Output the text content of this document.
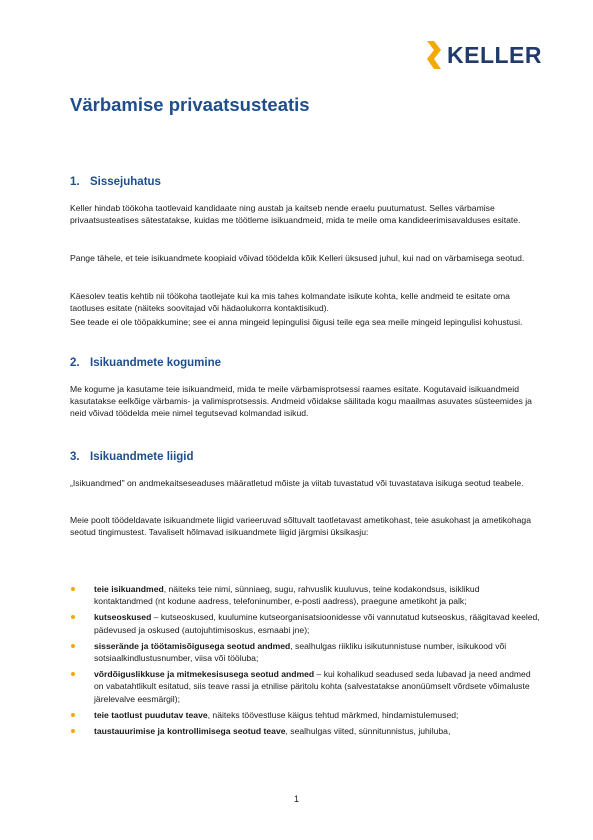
KELLER
Värbamise privaatsusteatis
1. Sissejuhatus

Keller hindab töökoha taotlevaid kandidaate ning austab ja kaitseb nende eraelu puutumatust. Selles värbamise privaatsusteatises sätestatakse, kuidas me töötleme isikuandmeid, mida te meile oma kandideerimisavalduses esitate.

Pange tähele, et teie isikuandmete koopiaid võivad töödelda kõik Kelleri üksused juhul, kui nad on värbamisega seotud.

Käesolev teatis kehtib nii töökoha taotlejate kui ka mis tahes kolmandate isikute kohta, kelle andmeid te esitate oma taotluses esitate (näiteks soovitajad või hädaolukorra kontaktisikud).

See teade ei ole tööpakkumine; see ei anna mingeid lepingulisi õigusi teile ega sea meile mingeid lepingulisi kohustusi.

2. Isikuandmete kogumine

Me kogume ja kasutame teie isikuandmeid, mida te meile värbamisprotsessi raames esitate. Kogutavaid isikuandmeid kasutatakse eelkõige värbamis- ja valimisprotsessis. Andmeid võidakse säilitada kogu maailmas asuvates süsteemides ja neid võivad töödelda meie nimel tegutsevad kolmandad isikud.

3. Isikuandmete liigid

„Isikuandmed" on andmekaitseseaduses määratletud mõiste ja viitab tuvastatud või tuvastatava isikuga seotud teabele.

Meie poolt töödeldavate isikuandmete liigid varieeruvad sõltuvalt taotletavast ametikohast, teie asukohast ja ametikohaga seotud tingimustest. Tavaliselt hõlmavad isikuandmete liigid järgmisi üksikasju:

teie isikuandmed, näiteks teie nimi, sünniaeg, sugu, rahvuslik kuuluvus, teine kodakondsus, isiklikud kontaktandmed (nt kodune aadress, telefoninumber, e-posti aadress), praegune ametikoht ja palk;
kutseoskused – kutseoskused, kuulumine kutseorganisatsioonidesse või vannutatud kutseoskus, räägitavad keeled, pädevused ja oskused (autojuhtimisoskus, esmaabi jne);
sisserände ja töötamisõigusega seotud andmed, sealhulgas riikliku isikutunnistuse number, isikukood või sotsiaalkindlustusnumber, viisa või tööluba;
võrdõiguslikkuse ja mitmekesisusega seotud andmed – kui kohalikud seadused seda lubavad ja need andmed on vabatahtlikult esitatud, siis teave rassi ja etnilise päritolu kohta (salvestatakse anonüümselt võrdsete võimaluste järelevalve eesmärgil);
teie taotlust puudutav teave, näiteks töövestluse käigus tehtud märkmed, hindamistulemused;
taustauurimise ja kontrollimisega seotud teave, sealhulgas viited, sünnitunnistus, juhiluba,
1
